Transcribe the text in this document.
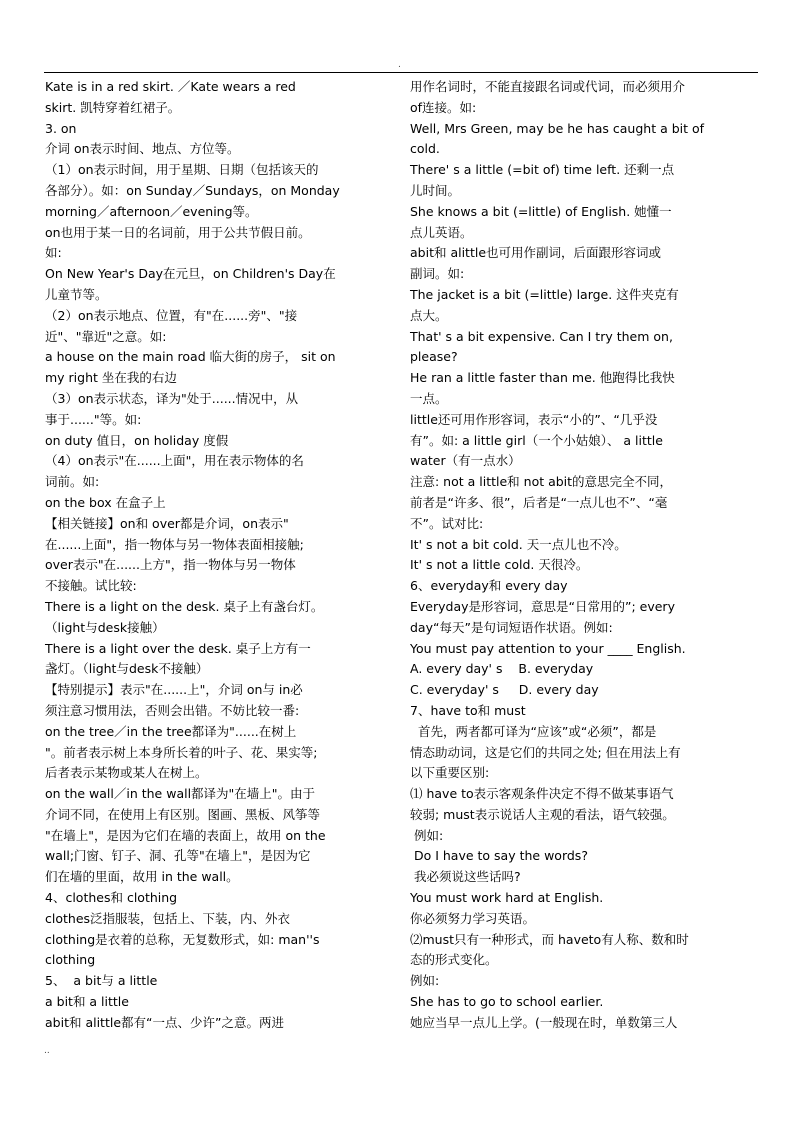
.
Kate is in a red skirt. ／Kate wears a red
skirt. 凯特穿着红裙子。
3. on
介词 on表示时间、地点、方位等。
（1）on表示时间，用于星期、日期（包括该天的
各部分）。如：on Sunday／Sundays，on Monday
morning／afternoon／evening等。
on也用于某一日的名词前，用于公共节假日前。
如:
On New Year's Day在元旦，on Children's Day在
儿童节等。
（2）on表示地点、位置，有"在......旁"、"接
近"、"靠近"之意。如:
a house on the main road 临大街的房子， sit on
my right 坐在我的右边
（3）on表示状态，译为"处于......情况中，从
事于......"等。如:
on duty 值日，on holiday 度假
（4）on表示"在......上面"，用在表示物体的名
词前。如:
on the box 在盒子上
【相关链接】on和 over都是介词，on表示"
在......上面"，指一物体与另一物体表面相接触;
over表示"在......上方"，指一物体与另一物体
不接触。试比较:
There is a light on the desk. 桌子上有盏台灯。
（light与desk接触）
There is a light over the desk. 桌子上方有一
盏灯。（light与desk不接触）
【特别提示】表示"在......上"，介词 on与 in必
须注意习惯用法，否则会出错。不妨比较一番:
on the tree／in the tree都译为"......在树上
"。前者表示树上本身所长着的叶子、花、果实等;
后者表示某物或某人在树上。
on the wall／in the wall都译为"在墙上"。由于
介词不同，在使用上有区别。图画、黑板、风筝等
"在墙上"，是因为它们在墙的表面上，故用 on the
wall;门窗、钉子、洞、孔等"在墙上"，是因为它
们在墙的里面，故用 in the wall。
4、clothes和 clothing
clothes泛指服装，包括上、下装，内、外衣
clothing是衣着的总称，无复数形式，如: man''s
clothing
5、  a bit与 a little
a bit和 a little
abit和 alittle都有“一点、少许”之意。两进
用作名词时，不能直接跟名词或代词，而必须用介
of连接。如:
Well, Mrs Green, may be he has caught a bit of
cold.
There' s a little (=bit of) time left. 还剩一点
儿时间。
She knows a bit (=little) of English. 她懂一
点儿英语。
abit和 alittle也可用作副词，后面跟形容词或
副词。如:
The jacket is a bit (=little) large. 这件夹克有
点大。
That' s a bit expensive. Can I try them on,
please?
He ran a little faster than me. 他跑得比我快
一点。
little还可用作形容词，表示“小的”、“几乎没
有”。如: a little girl（一个小姑娘）、 a little
water（有一点水）
注意: not a little和 not abit的意思完全不同，
前者是“许多、很”，后者是“一点儿也不”、“毫
不”。试对比:
It' s not a bit cold. 天一点儿也不冷。
It' s not a little cold. 天很冷。
6、everyday和 every day
Everyday是形容词，意思是“日常用的”; every
day“每天”是句词短语作状语。例如:
You must pay attention to your ____ English.
A. every day' s    B. everyday
C. everyday' s     D. every day
7、have to和 must
首先，两者都可译为“应该”或“必须”，都是
情态助动词，这是它们的共同之处; 但在用法上有
以下重要区别:
⑴ have to表示客观条件决定不得不做某事语气
较弱; must表示说话人主观的看法，语气较强。
例如:
Do I have to say the words?
我必须说这些话吗?
You must work hard at English.
你必须努力学习英语。
⑵must只有一种形式，而 haveto有人称、数和时
态的形式变化。
例如:
She has to go to school earlier.
她应当早一点儿上学。(一般现在时，单数第三人
..
